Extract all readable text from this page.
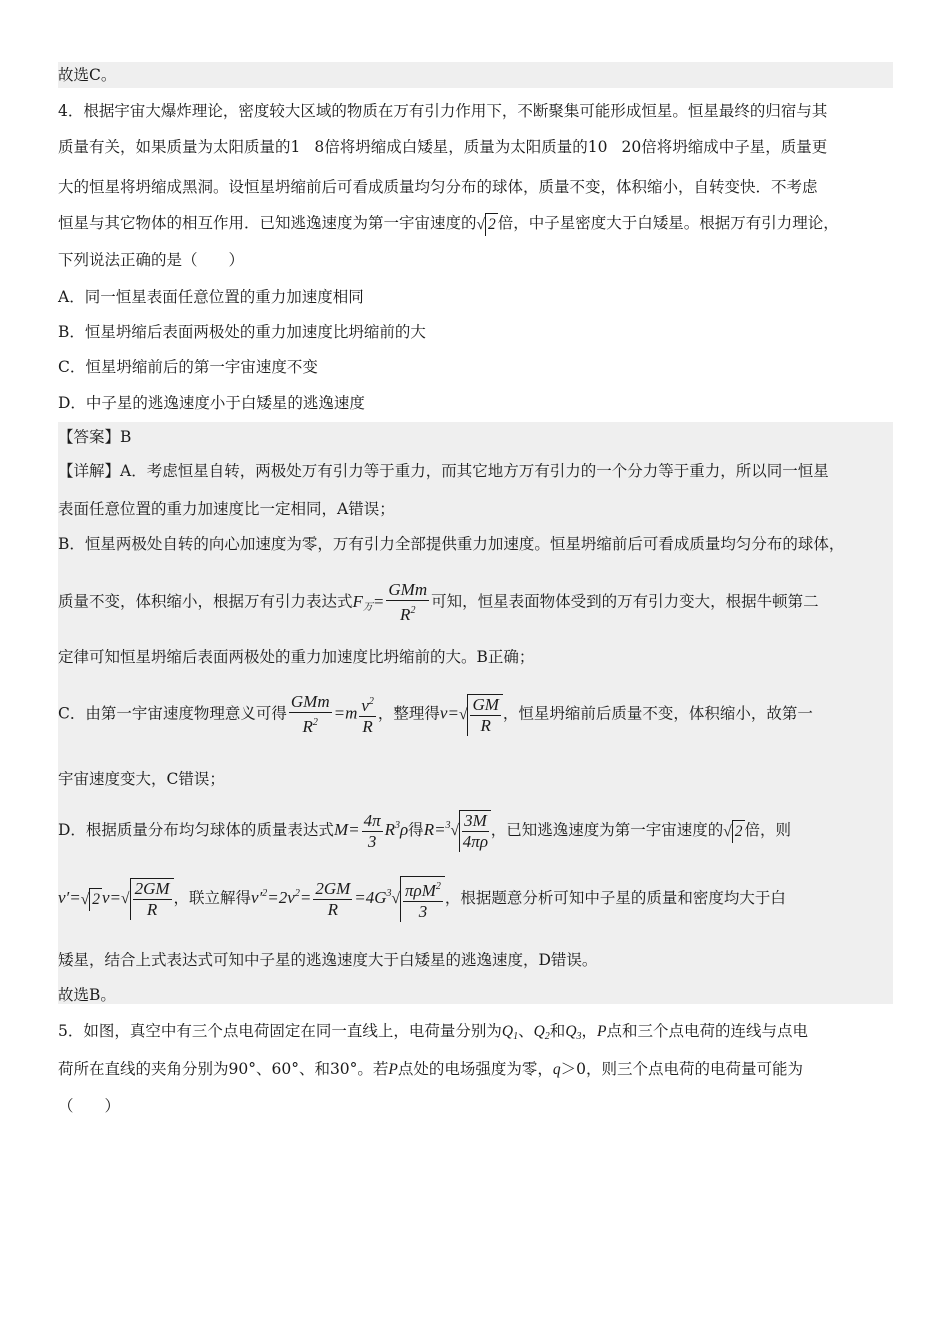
故选C。
4．根据宇宙大爆炸理论，密度较大区域的物质在万有引力作用下，不断聚集可能形成恒星。恒星最终的归宿与其
质量有关，如果质量为太阳质量的1 8倍将坍缩成白矮星，质量为太阳质量的10 20倍将坍缩成中子星，质量更
大的恒星将坍缩成黑洞。设恒星坍缩前后可看成质量均匀分布的球体，质量不变，体积缩小，自转变快．不考虑
恒星与其它物体的相互作用．已知逃逸速度为第一宇宙速度的√ 2 倍，中子星密度大于白矮星。根据万有引力理论，
下列说法正确的是（　　）
A．同一恒星表面任意位置的重力加速度相同
B．恒星坍缩后表面两极处的重力加速度比坍缩前的大
C．恒星坍缩前后的第一宇宙速度不变
D．中子星的逃逸速度小于白矮星的逃逸速度
【答案】B
【详解】A．考虑恒星自转，两极处万有引力等于重力，而其它地方万有引力的一个分力等于重力，所以同一恒星
表面任意位置的重力加速度比一定相同，A错误；
B．恒星两极处自转的向心加速度为零，万有引力全部提供重力加速度。恒星坍缩前后可看成质量均匀分布的球体，
质量不变，体积缩小，根据万有引力表达式$F_万= \frac{\text{GMm}}{R^2}$ 可知，恒星表面物体受到的万有引力变大，根据牛顿第二
定律可知恒星坍缩后表面两极处的重力加速度比坍缩前的大。B正确；
C．由第一宇宙速度物理意义可得 $\frac{\text{GMm}}{R^2} =m \frac{v^2}{R}$ ，整理得$v=√ \frac{GM}{R}$ ，恒星坍缩前后质量不变，体积缩小，故第一
宇宙速度变大，C错误；
D．根据质量分布均匀球体的质量表达式$M= \frac{4\pi}{3} R^3\rho$得$R=^3√ \frac{3M}{4\pi\rho}$ ，已知逃逸速度为第一宇宙速度的√ 2 倍，则
v′=√ 2 $v=√ \frac{2GM}{R}$ ，联立解得$v'^2=2v^2= \frac{2GM}{R} =4G^3√ \frac{\pi\rho M^2}{3}$ ，根据题意分析可知中子星的质量和密度均大于白
矮星，结合上式表达式可知中子星的逃逸速度大于白矮星的逃逸速度，D错误。
故选B。
5．如图，真空中有三个点电荷固定在同一直线上，电荷量分别为$Q_1$、$Q_2$和$Q_3$，P点和三个点电荷的连线与点电
荷所在直线的夹角分别为90°、60°、和30°。若P点处的电场强度为零，q＞0，则三个点电荷的电荷量可能为
（　　）
